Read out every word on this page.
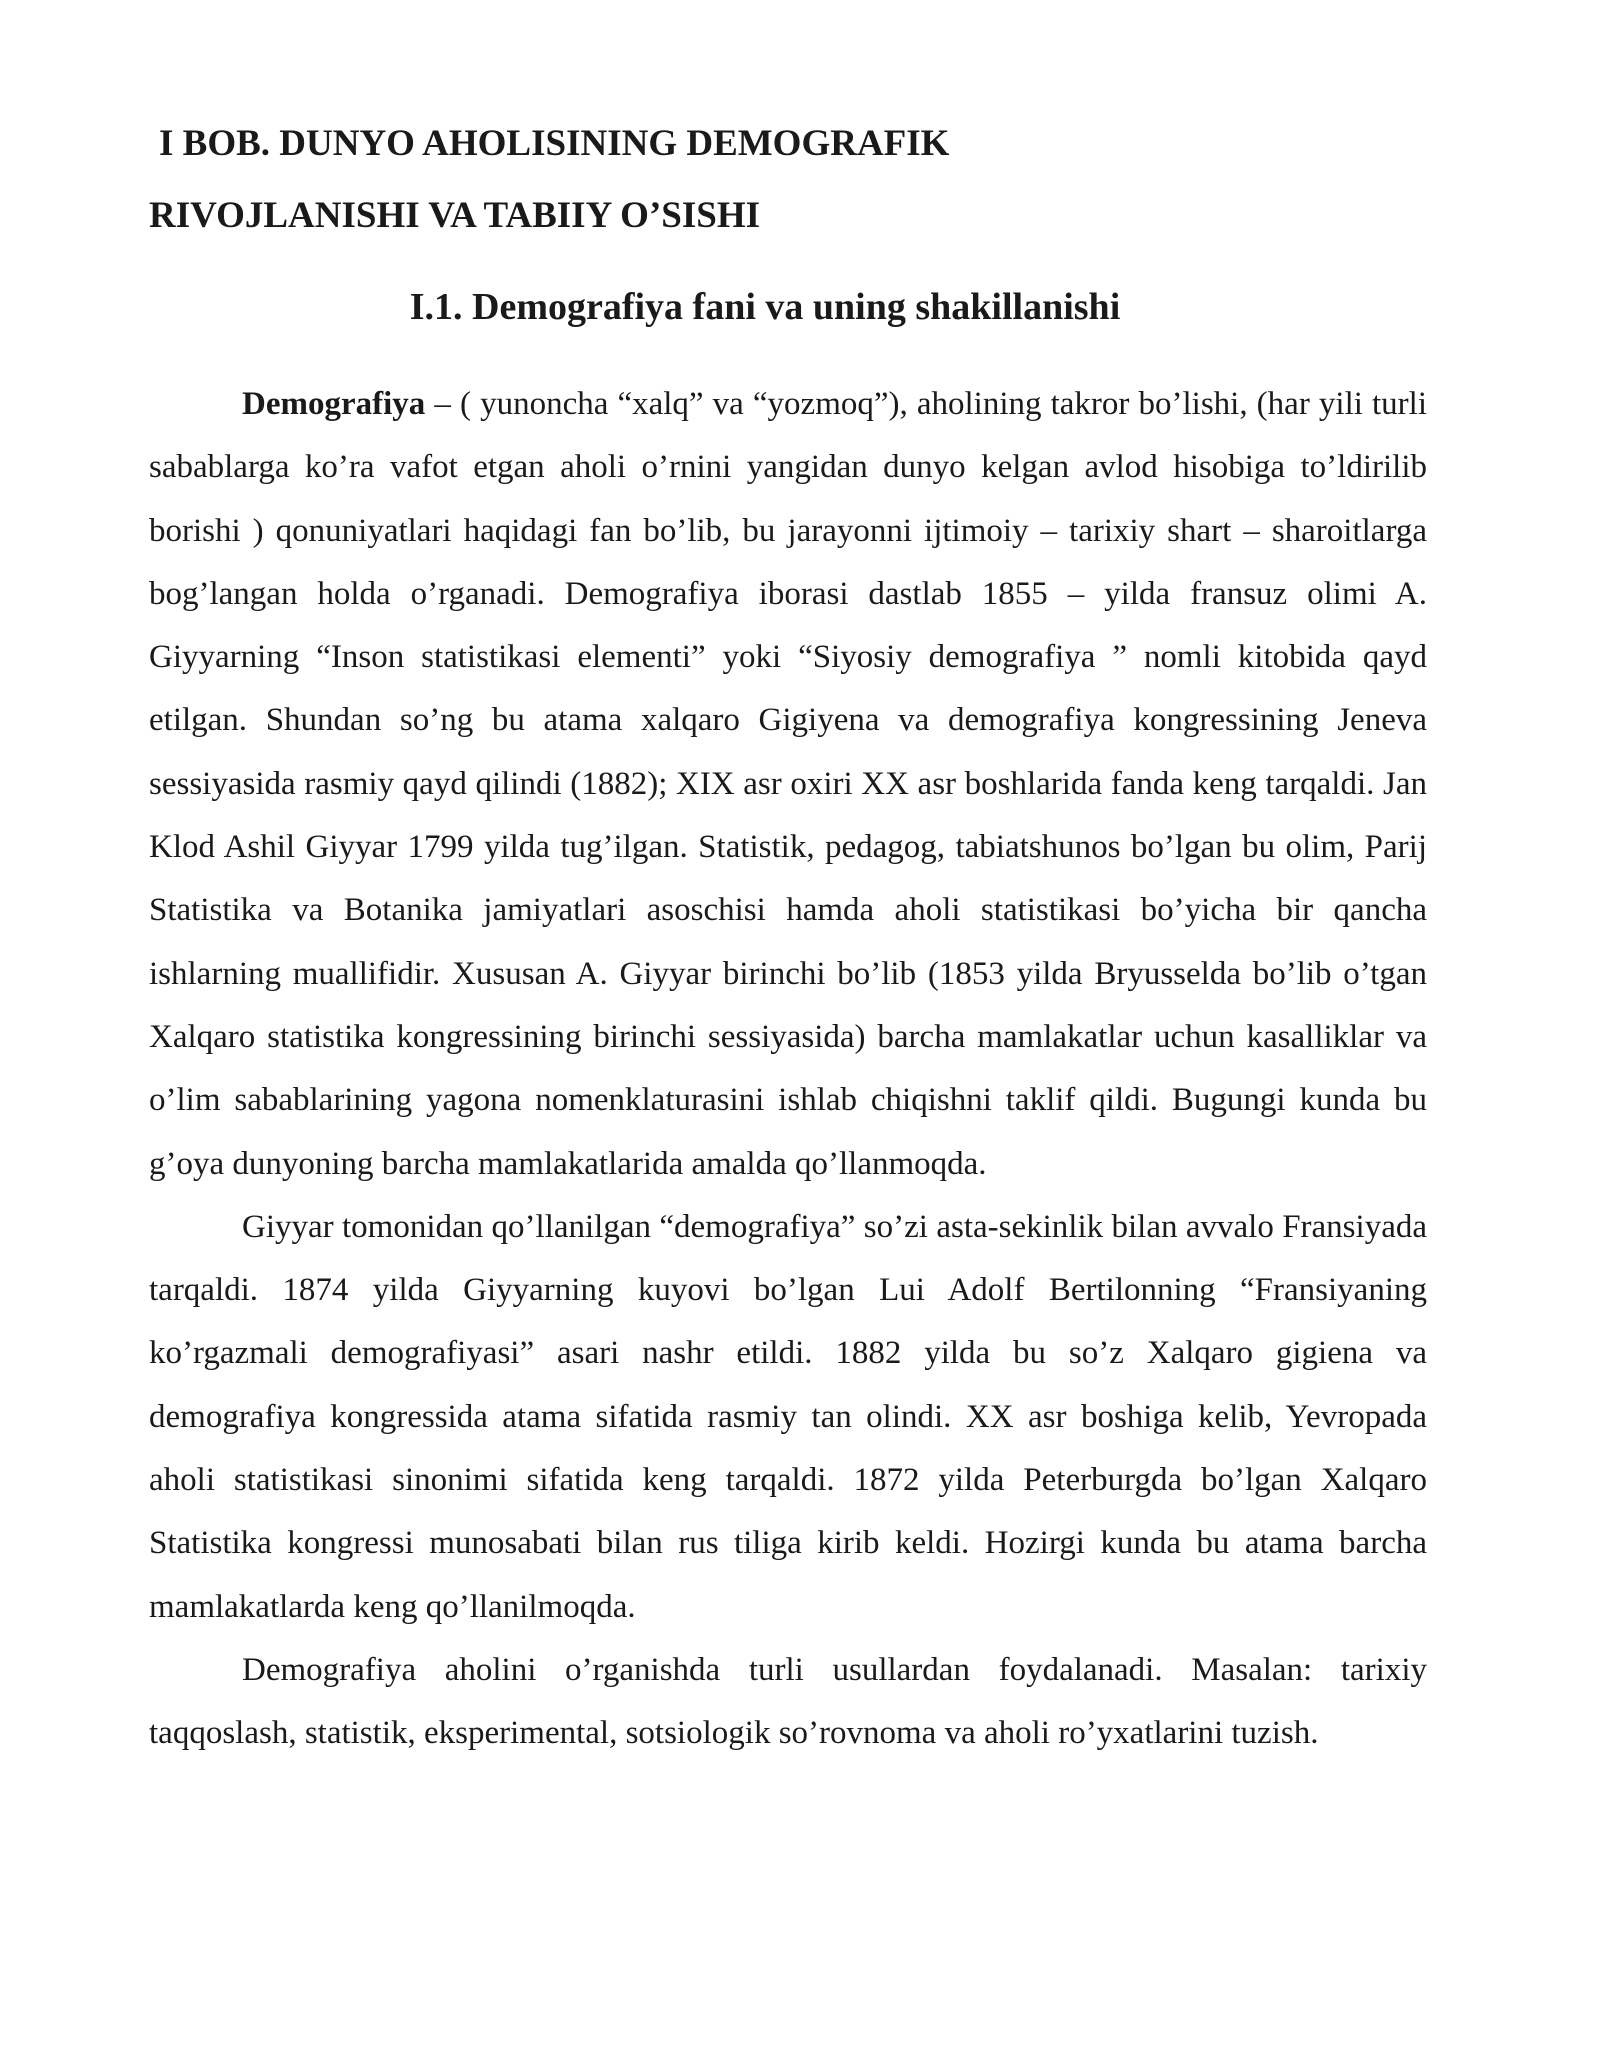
I BOB. DUNYO AHOLISINING DEMOGRAFIK
RIVOJLANISHI VA TABIIY O’SISHI
I.1. Demografiya fani va uning shakillanishi

Demografiya – ( yunoncha “xalq” va “yozmoq”), aholining takror bo’lishi, (har yili turli sabablarga ko’ra vafot etgan aholi o’rnini yangidan dunyo kelgan avlod hisobiga to’ldirilib borishi ) qonuniyatlari haqidagi fan bo’lib, bu jarayonni ijtimoiy – tarixiy shart – sharoitlarga bog’langan holda o’rganadi. Demografiya iborasi dastlab 1855 – yilda fransuz olimi A. Giyyarning “Inson statistikasi elementi” yoki “Siyosiy demografiya ” nomli kitobida qayd etilgan. Shundan so’ng bu atama xalqaro Gigiyena va demografiya kongressining Jeneva sessiyasida rasmiy qayd qilindi (1882); XIX asr oxiri XX asr boshlarida fanda keng tarqaldi. Jan Klod Ashil Giyyar 1799 yilda tug’ilgan. Statistik, pedagog, tabiatshunos bo’lgan bu olim, Parij Statistika va Botanika jamiyatlari asoschisi hamda aholi statistikasi bo’yicha bir qancha ishlarning muallifidir. Xususan A. Giyyar birinchi bo’lib (1853 yilda Bryusselda bo’lib o’tgan Xalqaro statistika kongressining birinchi sessiyasida) barcha mamlakatlar uchun kasalliklar va o’lim sabablarining yagona nomenklaturasini ishlab chiqishni taklif qildi. Bugungi kunda bu g’oya dunyoning barcha mamlakatlarida amalda qo’llanmoqda.

Giyyar tomonidan qo’llanilgan “demografiya” so’zi asta-sekinlik bilan avvalo Fransiyada tarqaldi. 1874 yilda Giyyarning kuyovi bo’lgan Lui Adolf Bertilonning “Fransiyaning ko’rgazmali demografiyasi” asari nashr etildi. 1882 yilda bu so’z Xalqaro gigiena va demografiya kongressida atama sifatida rasmiy tan olindi. XX asr boshiga kelib, Yevropada aholi statistikasi sinonimi sifatida keng tarqaldi. 1872 yilda Peterburgda bo’lgan Xalqaro Statistika kongressi munosabati bilan rus tiliga kirib keldi. Hozirgi kunda bu atama barcha mamlakatlarda keng qo’llanilmoqda.

Demografiya aholini o’rganishda turli usullardan foydalanadi. Masalan: tarixiy taqqoslash, statistik, eksperimental, sotsiologik so’rovnoma va aholi ro’yxatlarini tuzish.
